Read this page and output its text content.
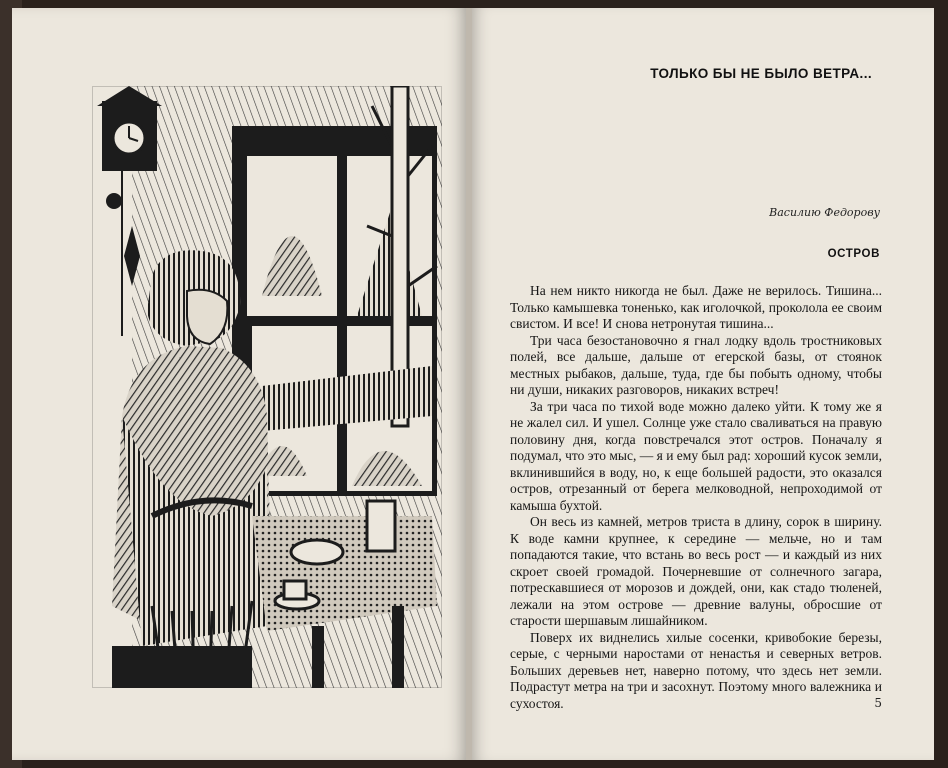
ТОЛЬКО БЫ НЕ БЫЛО ВЕТРА...
Василию Федорову
ОСТРОВ

На нем никто никогда не был. Даже не верилось. Тишина... Только камышевка тоненько, как иголочкой, проколола ее своим свистом. И все! И снова нетронутая тишина...

Три часа безостановочно я гнал лодку вдоль тростниковых полей, все дальше, дальше от егерской базы, от стоянок местных рыбаков, дальше, туда, где бы побыть одному, чтобы ни души, никаких разговоров, никаких встреч!

За три часа по тихой воде можно далеко уйти. К тому же я не жалел сил. И ушел. Солнце уже стало сваливаться на правую половину дня, когда повстречался этот остров. Поначалу я подумал, что это мыс, — я и ему был рад: хороший кусок земли, вклинившийся в воду, но, к еще большей радости, это оказался остров, отрезанный от берега мелководной, непроходимой от камыша бухтой.

Он весь из камней, метров триста в длину, сорок в ширину. К воде камни крупнее, к середине — мельче, но и там попадаются такие, что встань во весь рост — и каждый из них скроет своей громадой. Почерневшие от солнечного загара, потрескавшиеся от морозов и дождей, они, как стадо тюленей, лежали на этом острове — древние валуны, обросшие от старости шершавым лишайником.

Поверх их виднелись хилые сосенки, кривобокие березы, серые, с черными наростами от ненастья и северных ветров. Больших деревьев нет, наверно потому, что здесь нет земли. Подрастут метра на три и засохнут. Поэтому много валежника и сухостоя.	5
